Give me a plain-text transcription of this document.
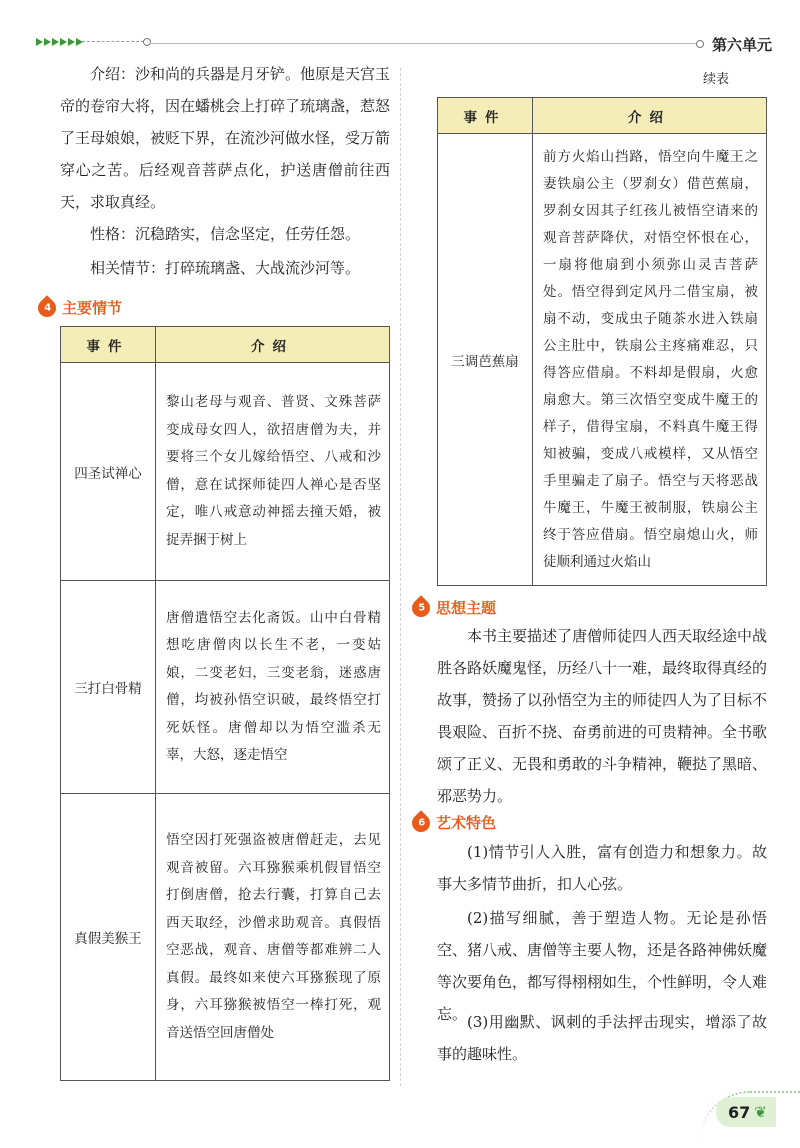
第六单元

介绍：沙和尚的兵器是月牙铲。他原是天宫玉帝的卷帘大将，因在蟠桃会上打碎了琉璃盏，惹怒了王母娘娘，被贬下界，在流沙河做水怪，受万箭穿心之苦。后经观音菩萨点化，护送唐僧前往西天，求取真经。

性格：沉稳踏实，信念坚定，任劳任怨。

相关情节：打碎琉璃盏、大战流沙河等。

4 主要情节
事件	介绍
四圣试禅心	黎山老母与观音、普贤、文殊菩萨变成母女四人，欲招唐僧为夫，并要将三个女儿嫁给悟空、八戒和沙僧，意在试探师徒四人禅心是否坚定，唯八戒意动神摇去撞天婚，被捉弄捆于树上
三打白骨精	唐僧遣悟空去化斋饭。山中白骨精想吃唐僧肉以长生不老，一变姑娘，二变老妇，三变老翁，迷惑唐僧，均被孙悟空识破，最终悟空打死妖怪。唐僧却以为悟空滥杀无辜，大怒，逐走悟空
真假美猴王	悟空因打死强盗被唐僧赶走，去见观音被留。六耳猕猴乘机假冒悟空打倒唐僧，抢去行囊，打算自己去西天取经，沙僧求助观音。真假悟空恶战，观音、唐僧等都难辨二人真假。最终如来使六耳猕猴现了原身，六耳猕猴被悟空一棒打死，观音送悟空回唐僧处
续表
事件	介绍
三调芭蕉扇	前方火焰山挡路，悟空向牛魔王之妻铁扇公主（罗刹女）借芭蕉扇，罗刹女因其子红孩儿被悟空请来的观音菩萨降伏，对悟空怀恨在心，一扇将他扇到小须弥山灵吉菩萨处。悟空得到定风丹二借宝扇，被扇不动，变成虫子随茶水进入铁扇公主肚中，铁扇公主疼痛难忍，只得答应借扇。不料却是假扇，火愈扇愈大。第三次悟空变成牛魔王的样子，借得宝扇，不料真牛魔王得知被骗，变成八戒模样，又从悟空手里骗走了扇子。悟空与天将恶战牛魔王，牛魔王被制服，铁扇公主终于答应借扇。悟空扇熄山火，师徒顺利通过火焰山
5 思想主题

本书主要描述了唐僧师徒四人西天取经途中战胜各路妖魔鬼怪，历经八十一难，最终取得真经的故事，赞扬了以孙悟空为主的师徒四人为了目标不畏艰险、百折不挠、奋勇前进的可贵精神。全书歌颂了正义、无畏和勇敢的斗争精神，鞭挞了黑暗、邪恶势力。

6 艺术特色

(1)情节引人入胜，富有创造力和想象力。故事大多情节曲折，扣人心弦。

(2)描写细腻，善于塑造人物。无论是孙悟空、猪八戒、唐僧等主要人物，还是各路神佛妖魔等次要角色，都写得栩栩如生，个性鲜明，令人难忘。 (3)用幽默、讽刺的手法抨击现实，增添了故事的趣味性。

67 ❦
